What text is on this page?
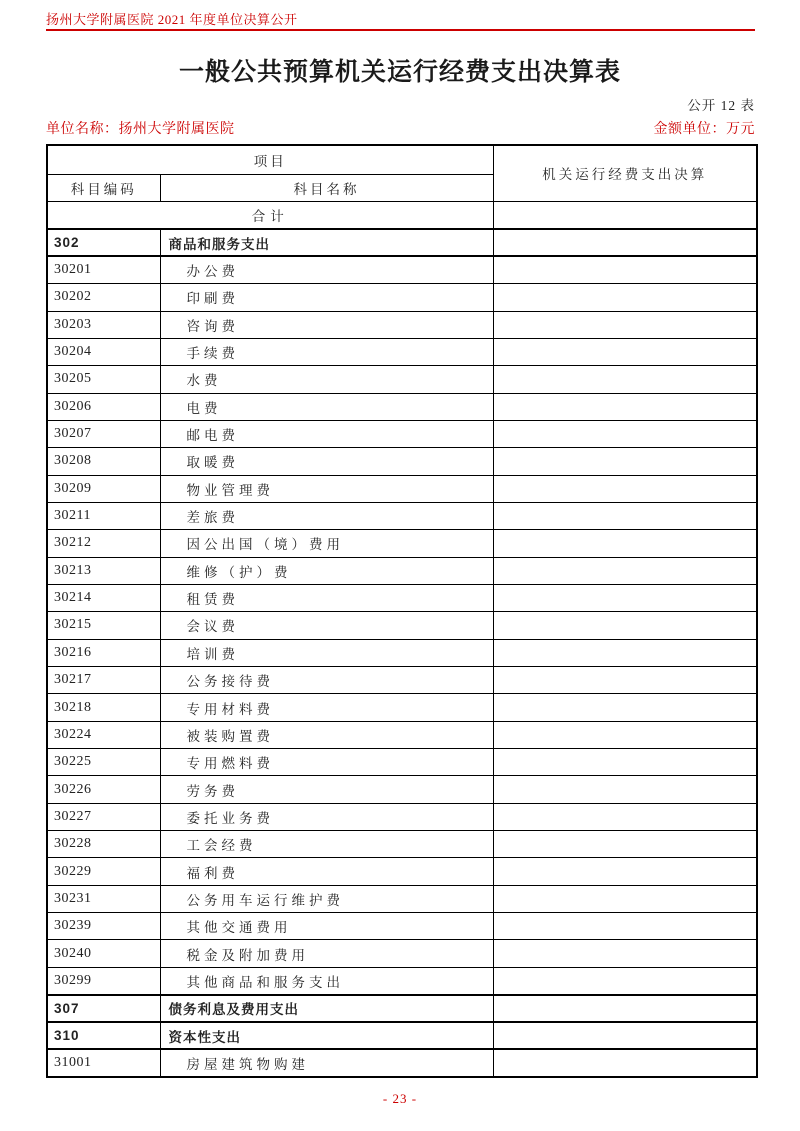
扬州大学附属医院 2021 年度单位决算公开
一般公共预算机关运行经费支出决算表
公开 12 表
单位名称：扬州大学附属医院	金额单位：万元
项目		机关运行经费支出决算
科目编码	科目名称	
合计		
302	商品和服务支出	
30201	办公费	
30202	印刷费	
30203	咨询费	
30204	手续费	
30205	水费	
30206	电费	
30207	邮电费	
30208	取暖费	
30209	物业管理费	
30211	差旅费	
30212	因公出国（境）费用	
30213	维修（护）费	
30214	租赁费	
30215	会议费	
30216	培训费	
30217	公务接待费	
30218	专用材料费	
30224	被装购置费	
30225	专用燃料费	
30226	劳务费	
30227	委托业务费	
30228	工会经费	
30229	福利费	
30231	公务用车运行维护费	
30239	其他交通费用	
30240	税金及附加费用	
30299	其他商品和服务支出	
307	债务利息及费用支出	
310	资本性支出	
31001	房屋建筑物购建	
- 23 -
